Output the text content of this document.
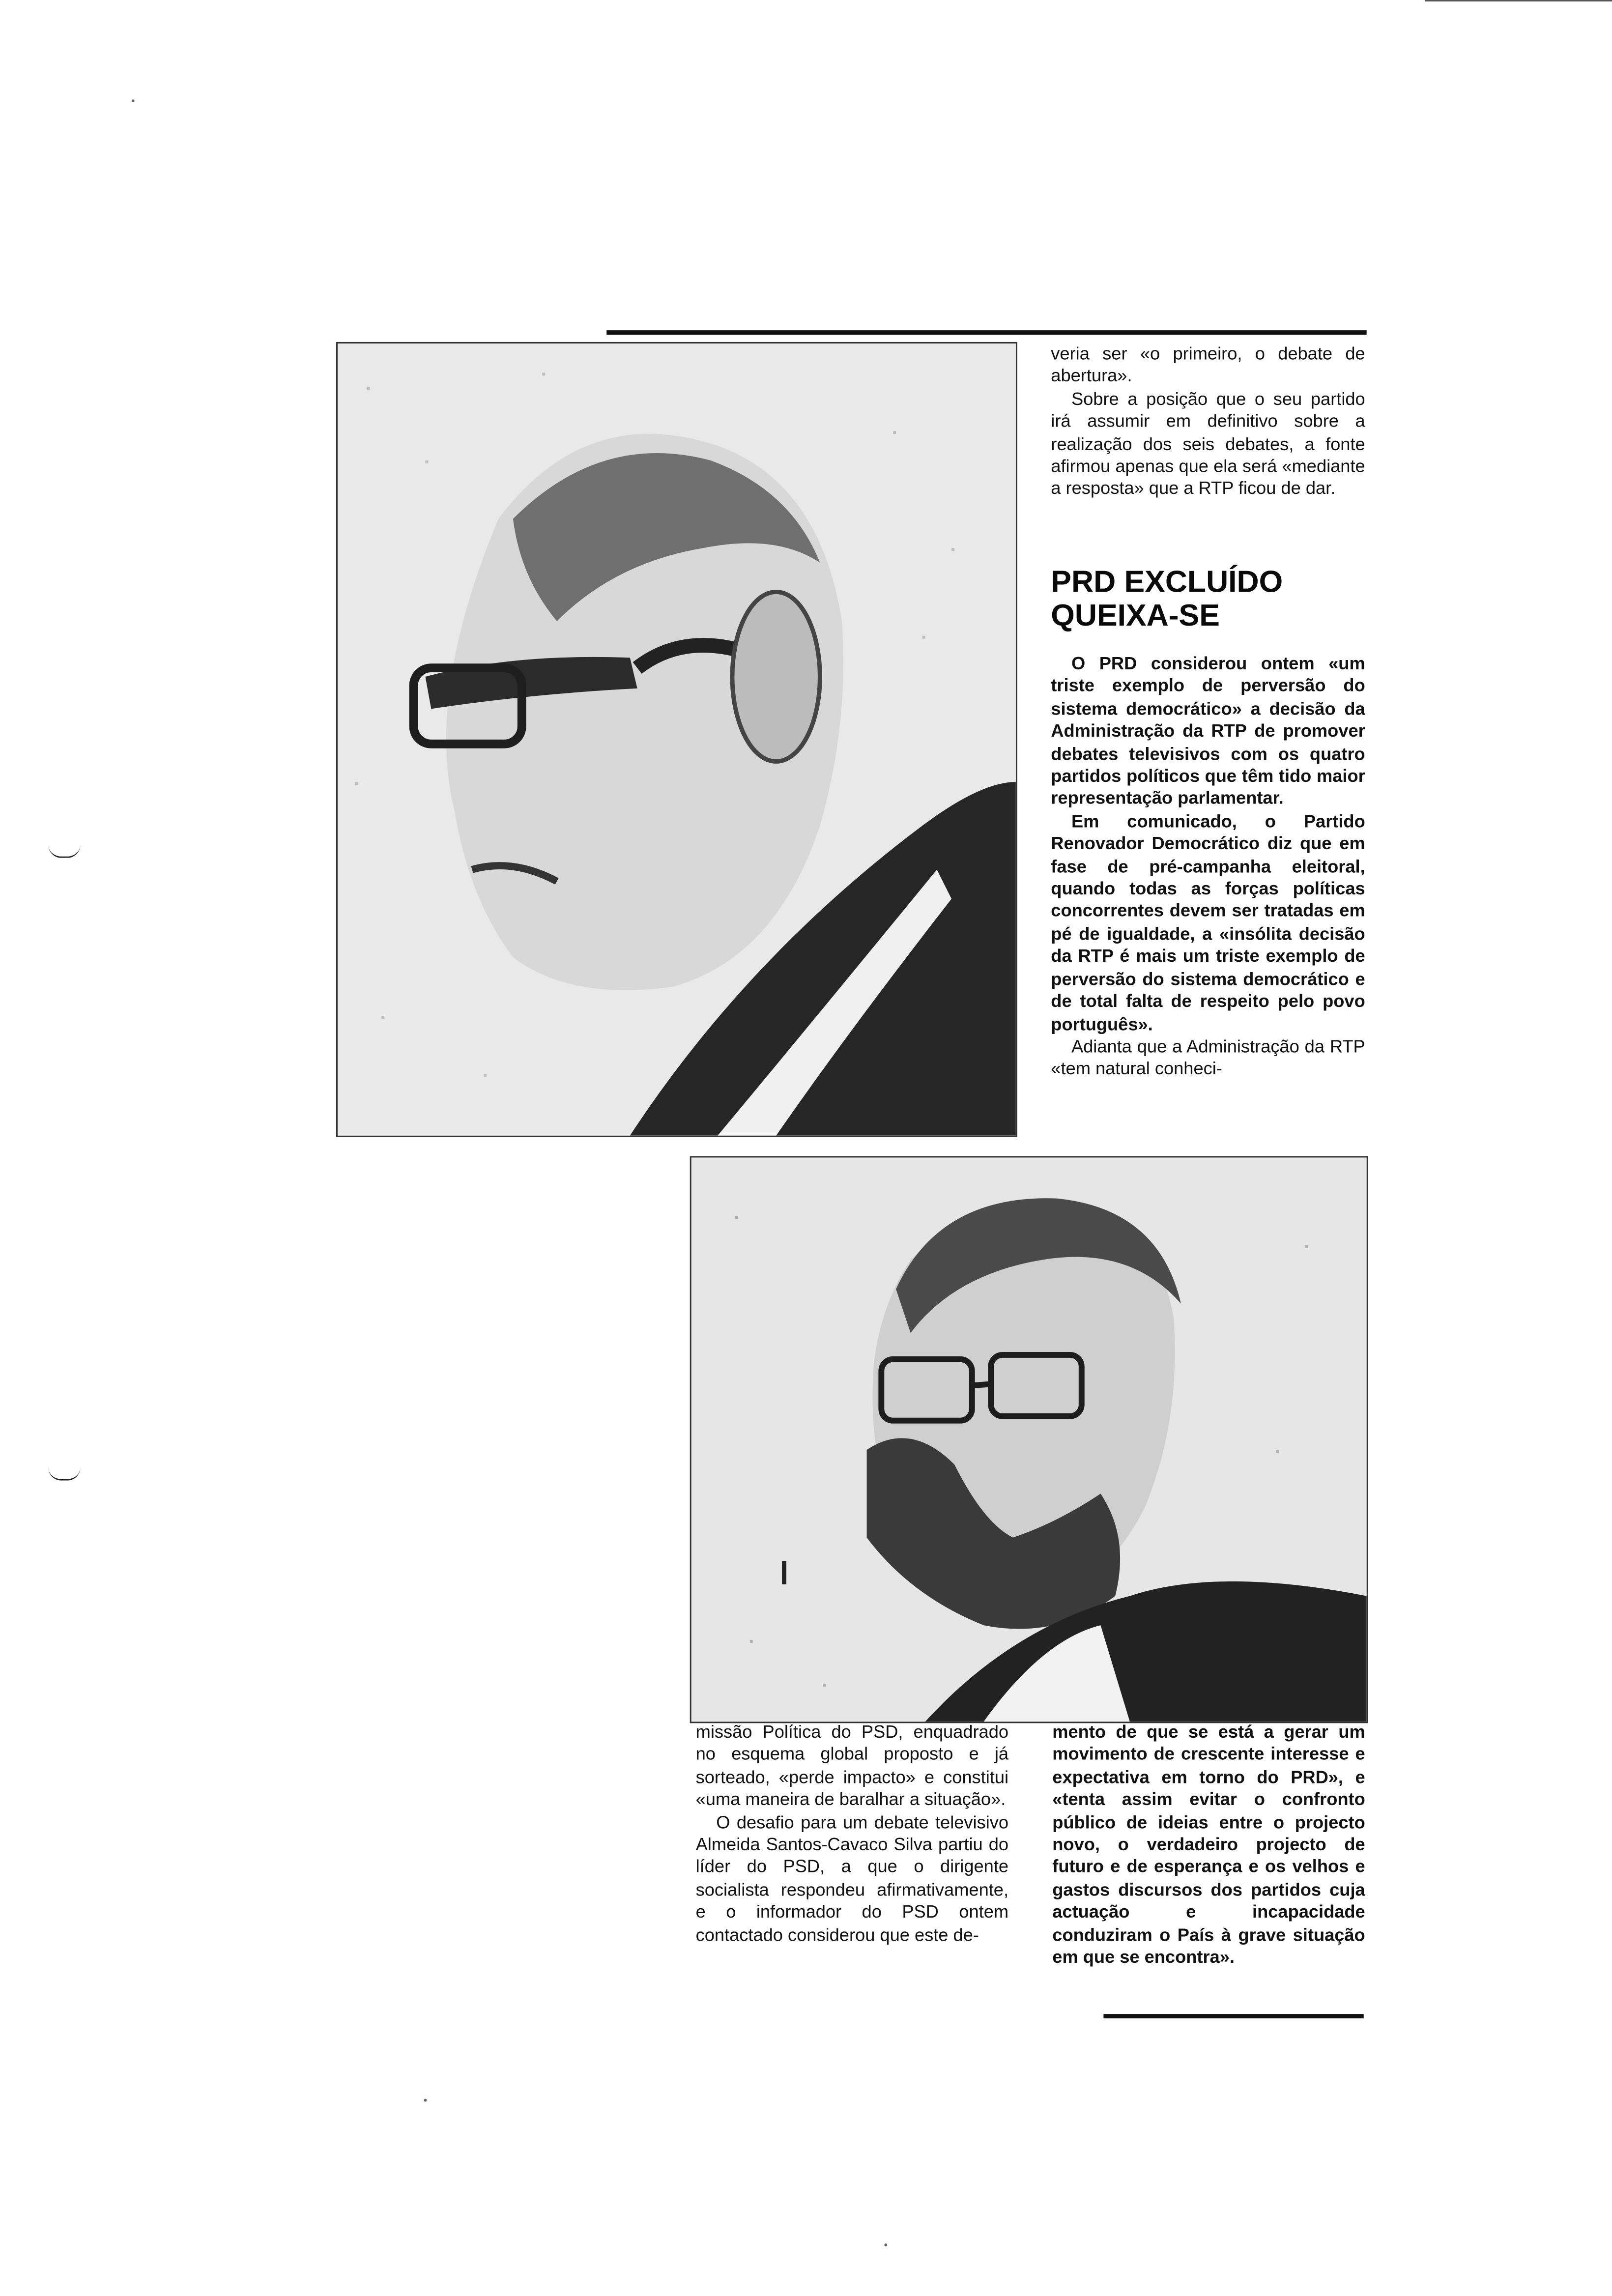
veria ser «o primeiro, o debate de abertura».

Sobre a posição que o seu partido irá assumir em definitivo sobre a realização dos seis debates, a fonte afirmou apenas que ela será «mediante a resposta» que a RTP ficou de dar.

PRD EXCLUÍDO
QUEIXA-SE

O PRD considerou ontem «um triste exemplo de perversão do sistema democrático» a decisão da Administração da RTP de promover debates televisivos com os quatro partidos políticos que têm tido maior representação parlamentar.

Em comunicado, o Partido Renovador Democrático diz que em fase de pré-campanha eleitoral, quando todas as forças políticas concorrentes devem ser tratadas em pé de igualdade, a «insólita decisão da RTP é mais um triste exemplo de perversão do sistema democrático e de total falta de respeito pelo povo português».

Adianta que a Administração da RTP «tem natural conheci-

missão Política do PSD, enquadrado no esquema global proposto e já sorteado, «perde impacto» e constitui «uma maneira de baralhar a situação».

O desafio para um debate televisivo Almeida Santos-Cavaco Silva partiu do líder do PSD, a que o dirigente socialista respondeu afirmativamente, e o informador do PSD ontem contactado considerou que este de-

mento de que se está a gerar um movimento de crescente interesse e expectativa em torno do PRD», e «tenta assim evitar o confronto público de ideias entre o projecto novo, o verdadeiro projecto de futuro e de esperança e os velhos e gastos discursos dos partidos cuja actuação e incapacidade conduziram o País à grave situação em que se encontra».
